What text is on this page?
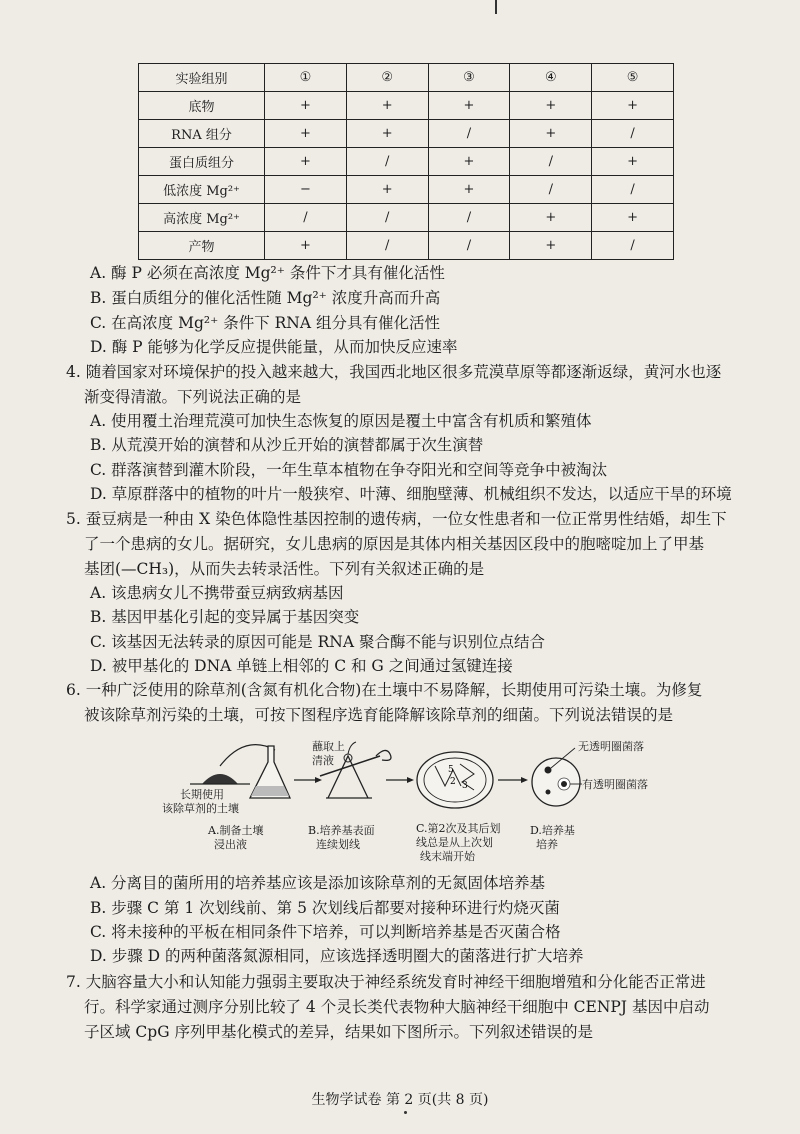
实验组别	①	②	③	④	⑤
底物	+	+	+	+	+
RNA 组分	+	+	/	+	/
蛋白质组分	+	/	+	/	+
低浓度 Mg²⁺	−	+	+	/	/
高浓度 Mg²⁺	/	/	/	+	+
产物	+	/	/	+	/
A. 酶 P 必须在高浓度 Mg²⁺ 条件下才具有催化活性
B. 蛋白质组分的催化活性随 Mg²⁺ 浓度升高而升高
C. 在高浓度 Mg²⁺ 条件下 RNA 组分具有催化活性
D. 酶 P 能够为化学反应提供能量，从而加快反应速率
4. 随着国家对环境保护的投入越来越大，我国西北地区很多荒漠草原等都逐渐返绿，黄河水也逐
渐变得清澈。下列说法正确的是
A. 使用覆土治理荒漠可加快生态恢复的原因是覆土中富含有机质和繁殖体
B. 从荒漠开始的演替和从沙丘开始的演替都属于次生演替
C. 群落演替到灌木阶段，一年生草本植物在争夺阳光和空间等竞争中被淘汰
D. 草原群落中的植物的叶片一般狭窄、叶薄、细胞壁薄、机械组织不发达，以适应干旱的环境
5. 蚕豆病是一种由 X 染色体隐性基因控制的遗传病，一位女性患者和一位正常男性结婚，却生下
了一个患病的女儿。据研究，女儿患病的原因是其体内相关基因区段中的胞嘧啶加上了甲基
基团(—CH₃)，从而失去转录活性。下列有关叙述正确的是
A. 该患病女儿不携带蚕豆病致病基因
B. 基因甲基化引起的变异属于基因突变
C. 该基因无法转录的原因可能是 RNA 聚合酶不能与识别位点结合
D. 被甲基化的 DNA 单链上相邻的 C 和 G 之间通过氢键连接
6. 一种广泛使用的除草剂(含氮有机化合物)在土壤中不易降解，长期使用可污染土壤。为修复
被该除草剂污染的土壤，可按下图程序选育能降解该除草剂的细菌。下列说法错误的是
5
2 3
长期使用
该除草剂的土壤
蘸取上
清液
无透明圈菌落
有透明圈菌落
A.制备土壤
浸出液
B.培养基表面
连续划线
C.第2次及其后划
线总是从上次划
线末端开始
D.培养基
培养
A. 分离目的菌所用的培养基应该是添加该除草剂的无氮固体培养基
B. 步骤 C 第 1 次划线前、第 5 次划线后都要对接种环进行灼烧灭菌
C. 将未接种的平板在相同条件下培养，可以判断培养基是否灭菌合格
D. 步骤 D 的两种菌落氮源相同，应该选择透明圈大的菌落进行扩大培养
7. 大脑容量大小和认知能力强弱主要取决于神经系统发育时神经干细胞增殖和分化能否正常进
行。科学家通过测序分别比较了 4 个灵长类代表物种大脑神经干细胞中 CENPJ 基因中启动
子区域 CpG 序列甲基化模式的差异，结果如下图所示。下列叙述错误的是
生物学试卷 第 2 页(共 8 页)
